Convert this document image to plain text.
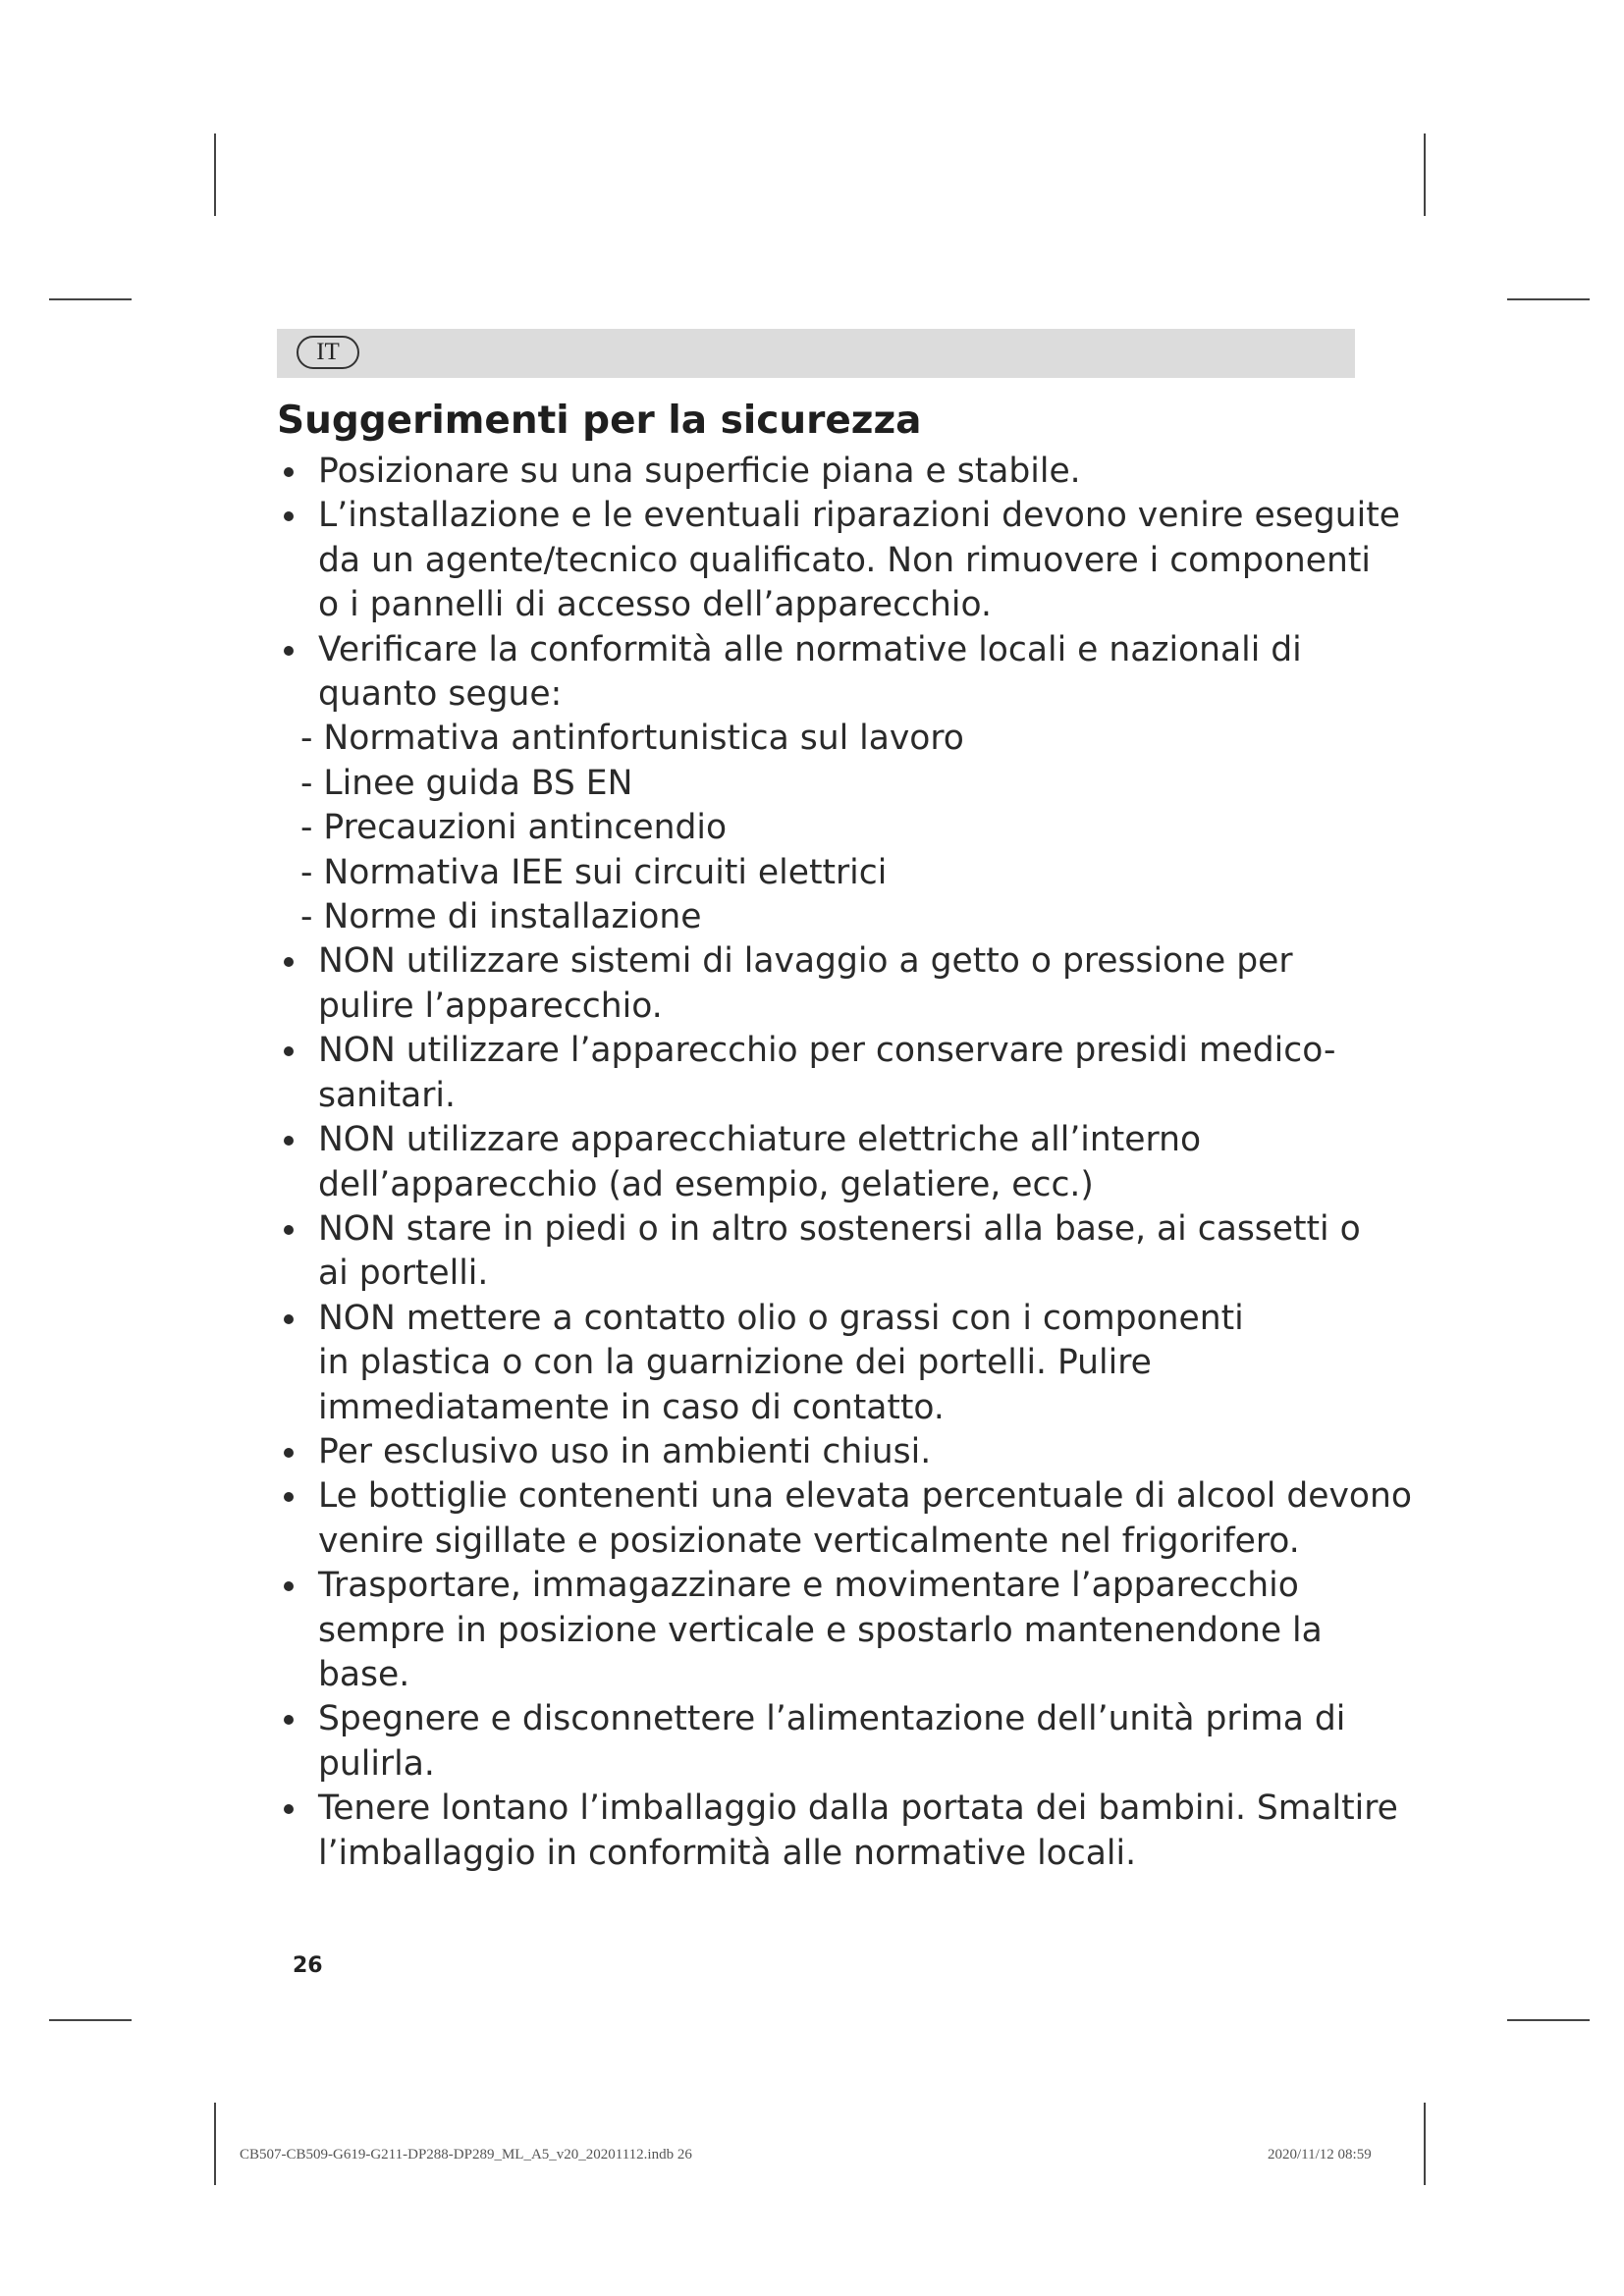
IT
Suggerimenti per la sicurezza
Posizionare su una superficie piana e stabile.
L’installazione e le eventuali riparazioni devono venire eseguite
da un agente/tecnico qualificato. Non rimuovere i componenti
o i pannelli di accesso dell’apparecchio.
Verificare la conformità alle normative locali e nazionali di
quanto segue:
- Normativa antinfortunistica sul lavoro
- Linee guida BS EN
- Precauzioni antincendio
- Normativa IEE sui circuiti elettrici
- Norme di installazione
NON utilizzare sistemi di lavaggio a getto o pressione per
pulire l’apparecchio.
NON utilizzare l’apparecchio per conservare presidi medico-
sanitari.
NON utilizzare apparecchiature elettriche all’interno
dell’apparecchio (ad esempio, gelatiere, ecc.)
NON stare in piedi o in altro sostenersi alla base, ai cassetti o
ai portelli.
NON mettere a contatto olio o grassi con i componenti
in plastica o con la guarnizione dei portelli. Pulire
immediatamente in caso di contatto.
Per esclusivo uso in ambienti chiusi.
Le bottiglie contenenti una elevata percentuale di alcool devono
venire sigillate e posizionate verticalmente nel frigorifero.
Trasportare, immagazzinare e movimentare l’apparecchio
sempre in posizione verticale e spostarlo mantenendone la
base.
Spegnere e disconnettere l’alimentazione dell’unità prima di
pulirla.
Tenere lontano l’imballaggio dalla portata dei bambini. Smaltire
l’imballaggio in conformità alle normative locali.
26
CB507-CB509-G619-G211-DP288-DP289_ML_A5_v20_20201112.indb 26	2020/11/12 08:59
